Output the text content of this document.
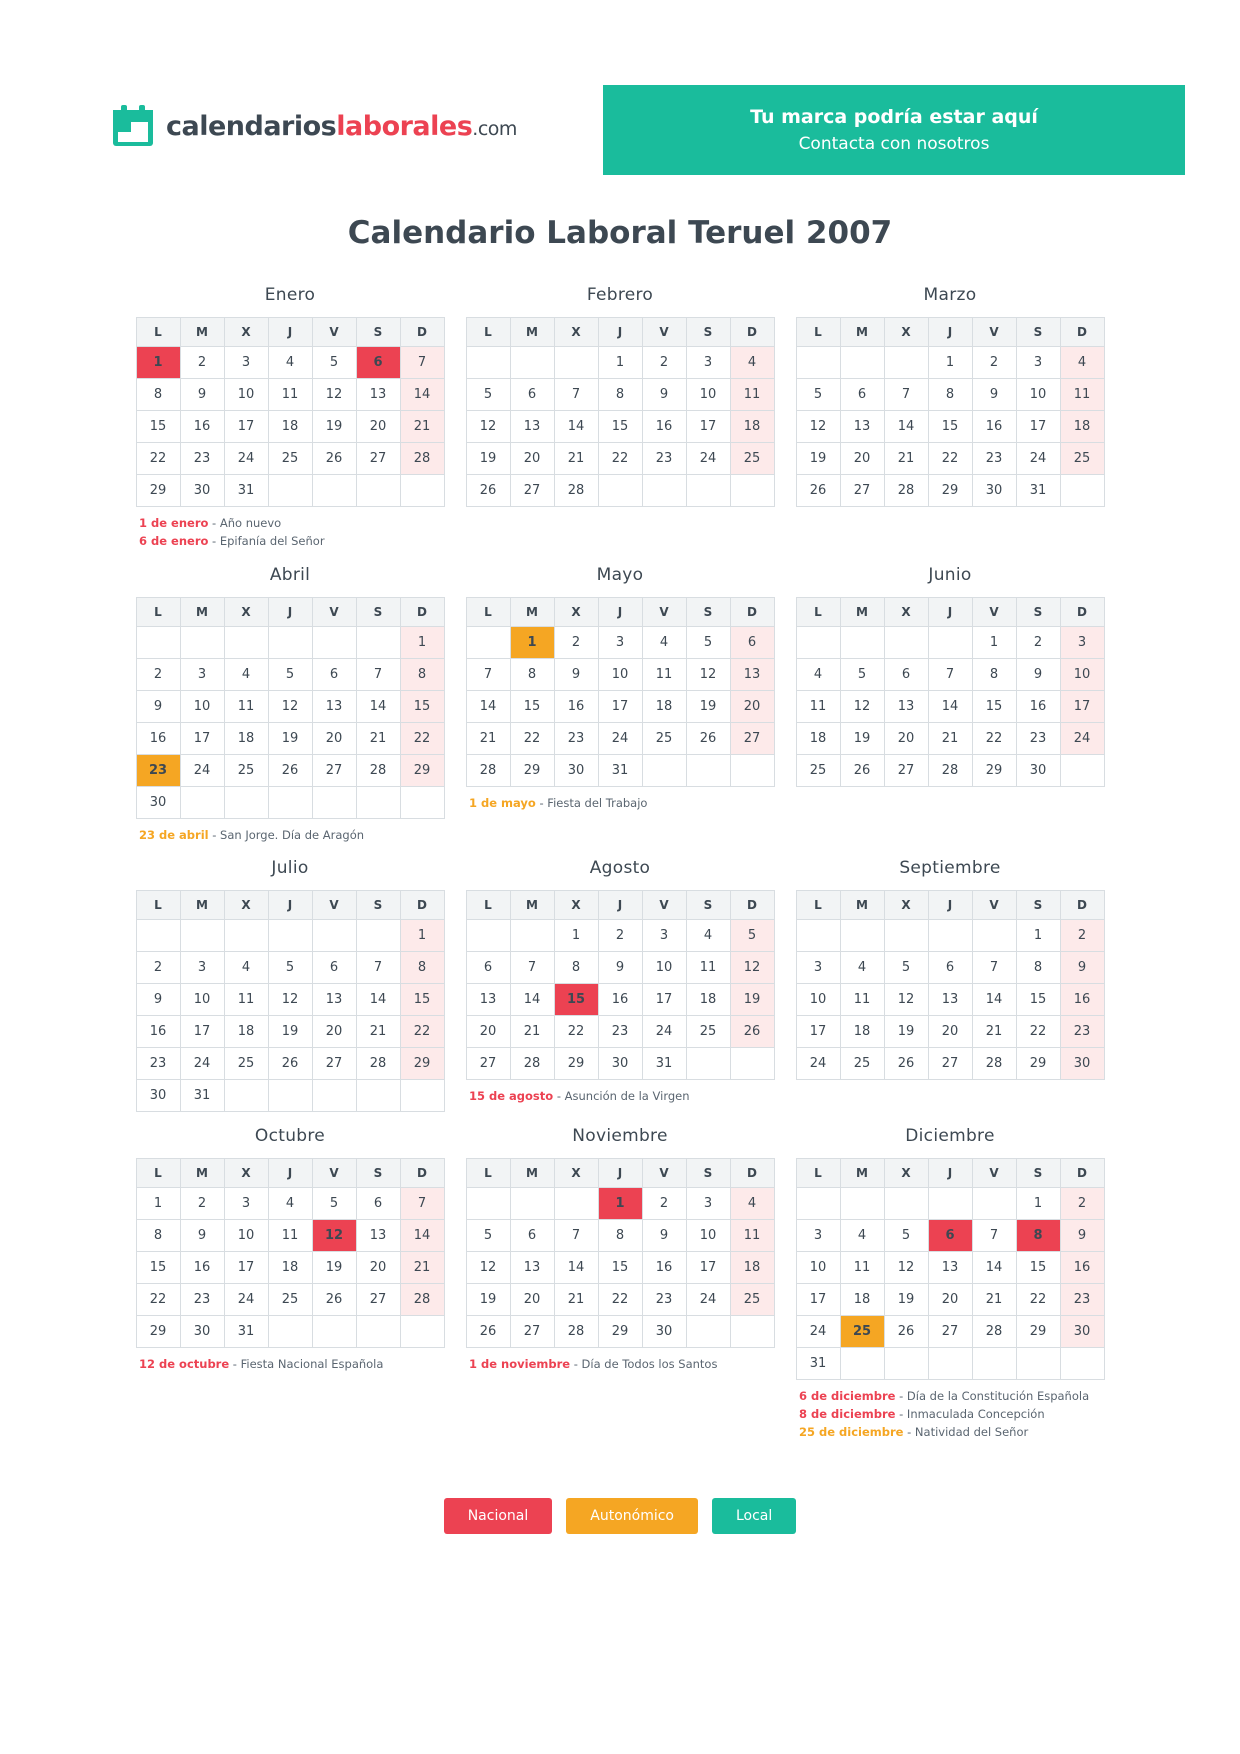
calendarioslaborales.com
Tu marca podría estar aquí
Contacta con nosotros
Calendario Laboral Teruel 2007
Enero
L	M	X	J	V	S	D
1	2	3	4	5	6	7
8	9	10	11	12	13	14
15	16	17	18	19	20	21
22	23	24	25	26	27	28
29	30	31				
1 de enero - Año nuevo
6 de enero - Epifanía del Señor
Febrero
L	M	X	J	V	S	D
			1	2	3	4
5	6	7	8	9	10	11
12	13	14	15	16	17	18
19	20	21	22	23	24	25
26	27	28				
Marzo
L	M	X	J	V	S	D
			1	2	3	4
5	6	7	8	9	10	11
12	13	14	15	16	17	18
19	20	21	22	23	24	25
26	27	28	29	30	31	
Abril
L	M	X	J	V	S	D
						1
2	3	4	5	6	7	8
9	10	11	12	13	14	15
16	17	18	19	20	21	22
23	24	25	26	27	28	29
30						
23 de abril - San Jorge. Día de Aragón
Mayo
L	M	X	J	V	S	D
	1	2	3	4	5	6
7	8	9	10	11	12	13
14	15	16	17	18	19	20
21	22	23	24	25	26	27
28	29	30	31			
1 de mayo - Fiesta del Trabajo
Junio
L	M	X	J	V	S	D
				1	2	3
4	5	6	7	8	9	10
11	12	13	14	15	16	17
18	19	20	21	22	23	24
25	26	27	28	29	30	
Julio
L	M	X	J	V	S	D
						1
2	3	4	5	6	7	8
9	10	11	12	13	14	15
16	17	18	19	20	21	22
23	24	25	26	27	28	29
30	31					
Agosto
L	M	X	J	V	S	D
		1	2	3	4	5
6	7	8	9	10	11	12
13	14	15	16	17	18	19
20	21	22	23	24	25	26
27	28	29	30	31		
15 de agosto - Asunción de la Virgen
Septiembre
L	M	X	J	V	S	D
					1	2
3	4	5	6	7	8	9
10	11	12	13	14	15	16
17	18	19	20	21	22	23
24	25	26	27	28	29	30
Octubre
L	M	X	J	V	S	D
1	2	3	4	5	6	7
8	9	10	11	12	13	14
15	16	17	18	19	20	21
22	23	24	25	26	27	28
29	30	31				
12 de octubre - Fiesta Nacional Española
Noviembre
L	M	X	J	V	S	D
			1	2	3	4
5	6	7	8	9	10	11
12	13	14	15	16	17	18
19	20	21	22	23	24	25
26	27	28	29	30		
1 de noviembre - Día de Todos los Santos
Diciembre
L	M	X	J	V	S	D
					1	2
3	4	5	6	7	8	9
10	11	12	13	14	15	16
17	18	19	20	21	22	23
24	25	26	27	28	29	30
31						
6 de diciembre - Día de la Constitución Española
8 de diciembre - Inmaculada Concepción
25 de diciembre - Natividad del Señor
Nacional	Autonómico	Local
